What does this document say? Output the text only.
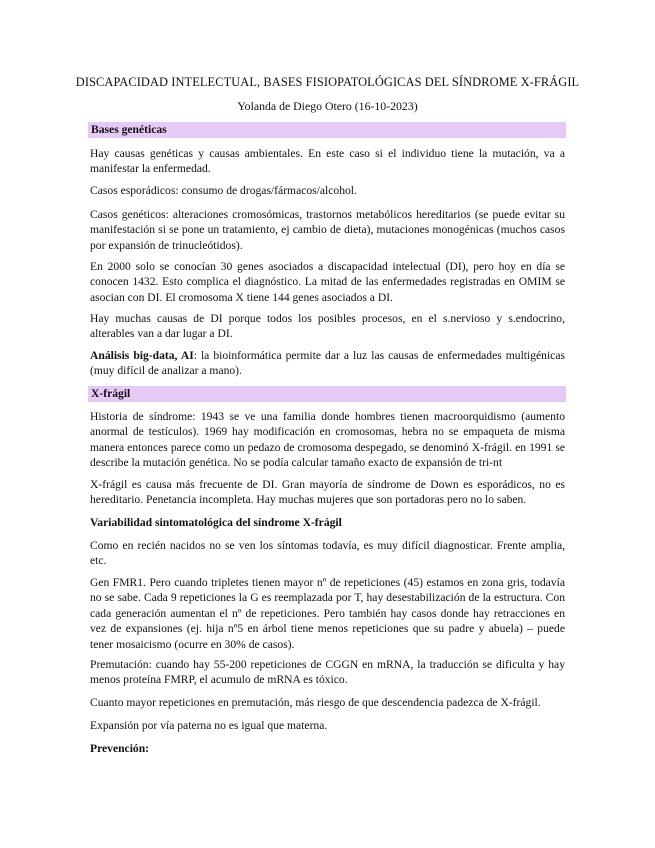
DISCAPACIDAD INTELECTUAL, BASES FISIOPATOLÓGICAS DEL SÍNDROME X-FRÁGIL
Yolanda de Diego Otero (16-10-2023)
Bases genéticas

Hay causas genéticas y causas ambientales. En este caso si el individuo tiene la mutación, va a manifestar la enfermedad.

Casos esporádicos: consumo de drogas/fármacos/alcohol.

Casos genéticos: alteraciones cromosómicas, trastornos metabólicos hereditarios (se puede evitar su manifestación si se pone un tratamiento, ej cambio de dieta), mutaciones monogénicas (muchos casos por expansión de trinucleótidos).

En 2000 solo se conocían 30 genes asociados a discapacidad intelectual (DI), pero hoy en día se conocen 1432. Esto complica el diagnóstico. La mitad de las enfermedades registradas en OMIM se asocian con DI. El cromosoma X tiene 144 genes asociados a DI.

Hay muchas causas de DI porque todos los posibles procesos, en el s.nervioso y s.endocrino, alterables van a dar lugar a DI.

Análisis big-data, AI: la bioinformática permite dar a luz las causas de enfermedades multigénicas (muy difícil de analizar a mano).

X-frágil

Historia de síndrome: 1943 se ve una familia donde hombres tienen macroorquidismo (aumento anormal de testículos). 1969 hay modificación en cromosomas, hebra no se empaqueta de misma manera entonces parece como un pedazo de cromosoma despegado, se denominó X-frágil. en 1991 se describe la mutación genética. No se podía calcular tamaño exacto de expansión de tri-nt

X-frágil es causa más frecuente de DI. Gran mayoría de síndrome de Down es esporádicos, no es hereditario. Penetancia incompleta. Hay muchas mujeres que son portadoras pero no lo saben.

Variabilidad sintomatológica del síndrome X-frágil

Como en recién nacidos no se ven los síntomas todavía, es muy difícil diagnosticar. Frente amplia, etc.

Gen FMR1. Pero cuando tripletes tienen mayor nº de repeticiones (45) estamos en zona gris, todavía no se sabe. Cada 9 repeticiones la G es reemplazada por T, hay desestabilización de la estructura. Con cada generación aumentan el nº de repeticiones. Pero también hay casos donde hay retracciones en vez de expansiones (ej. hija nº5 en árbol tiene menos repeticiones que su padre y abuela) – puede tener mosaicismo (ocurre en 30% de casos).

Premutación: cuando hay 55-200 repeticiones de CGGN en mRNA, la traducción se dificulta y hay menos proteína FMRP, el acumulo de mRNA es tóxico.

Cuanto mayor repeticiones en premutación, más riesgo de que descendencia padezca de X-frágil.

Expansión por vía paterna no es igual que materna.

Prevención:
